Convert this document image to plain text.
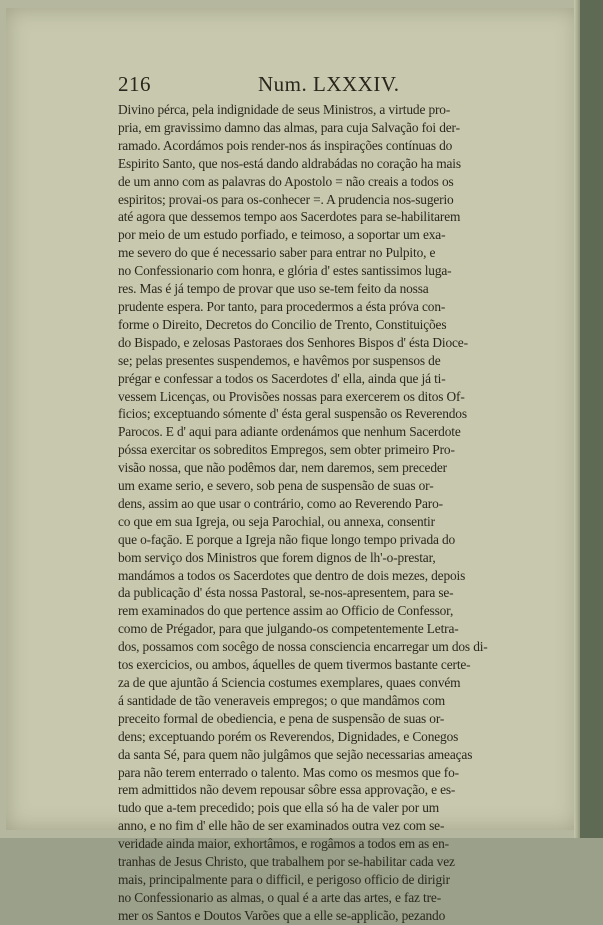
216	Num. LXXXIV.
Divino pérca, pela indignidade de seus Ministros, a virtude pro-
pria, em gravissimo damno das almas, para cuja Salvação foi der-
ramado. Acordámos pois render-nos ás inspirações contínuas do
Espirito Santo, que nos-está dando aldrabádas no coração ha mais
de um anno com as palavras do Apostolo = não creais a todos os
espiritos; provai-os para os-conhecer =. A prudencia nos-sugerio
até agora que dessemos tempo aos Sacerdotes para se-habilitarem
por meio de um estudo porfiado, e teimoso, a soportar um exa-
me severo do que é necessario saber para entrar no Pulpito, e
no Confessionario com honra, e glória d' estes santissimos luga-
res. Mas é já tempo de provar que uso se-tem feito da nossa
prudente espera. Por tanto, para procedermos a ésta próva con-
forme o Direito, Decretos do Concilio de Trento, Constituições
do Bispado, e zelosas Pastoraes dos Senhores Bispos d' ésta Dioce-
se; pelas presentes suspendemos, e havêmos por suspensos de
prégar e confessar a todos os Sacerdotes d' ella, ainda que já ti-
vessem Licenças, ou Provisões nossas para exercerem os ditos Of-
ficios; exceptuando sómente d' ésta geral suspensão os Reverendos
Parocos. E d' aqui para adiante ordenámos que nenhum Sacerdote
póssa exercitar os sobreditos Empregos, sem obter primeiro Pro-
visão nossa, que não podêmos dar, nem daremos, sem preceder
um exame serio, e severo, sob pena de suspensão de suas or-
dens, assim ao que usar o contrário, como ao Reverendo Paro-
co que em sua Igreja, ou seja Parochial, ou annexa, consentir
que o-façāo. E porque a Igreja não fique longo tempo privada do
bom serviço dos Ministros que forem dignos de lh'-o-prestar,
mandámos a todos os Sacerdotes que dentro de dois mezes, depois
da publicação d' ésta nossa Pastoral, se-nos-apresentem, para se-
rem examinados do que pertence assim ao Officio de Confessor,
como de Prégador, para que julgando-os competentemente Letra-
dos, possamos com socêgo de nossa consciencia encarregar um dos di-
tos exercicios, ou ambos, áquelles de quem tivermos bastante certe-
za de que ajuntão á Sciencia costumes exemplares, quaes convém
á santidade de tão veneraveis empregos; o que mandâmos com
preceito formal de obediencia, e pena de suspensão de suas or-
dens; exceptuando porém os Reverendos, Dignidades, e Conegos
da santa Sé, para quem não julgâmos que sejão necessarias ameaças
para não terem enterrado o talento. Mas como os mesmos que fo-
rem admittidos não devem repousar sôbre essa approvação, e es-
tudo que a-tem precedido; pois que ella só ha de valer por um
anno, e no fim d' elle hão de ser examinados outra vez com se-
veridade ainda maior, exhortâmos, e rogâmos a todos em as en-
tranhas de Jesus Christo, que trabalhem por se-habilitar cada vez
mais, principalmente para o difficil, e perigoso officio de dirigir
no Confessionario as almas, o qual é a arte das artes, e faz tre-
mer os Santos e Doutos Varões que a elle se-applicão, pezando
